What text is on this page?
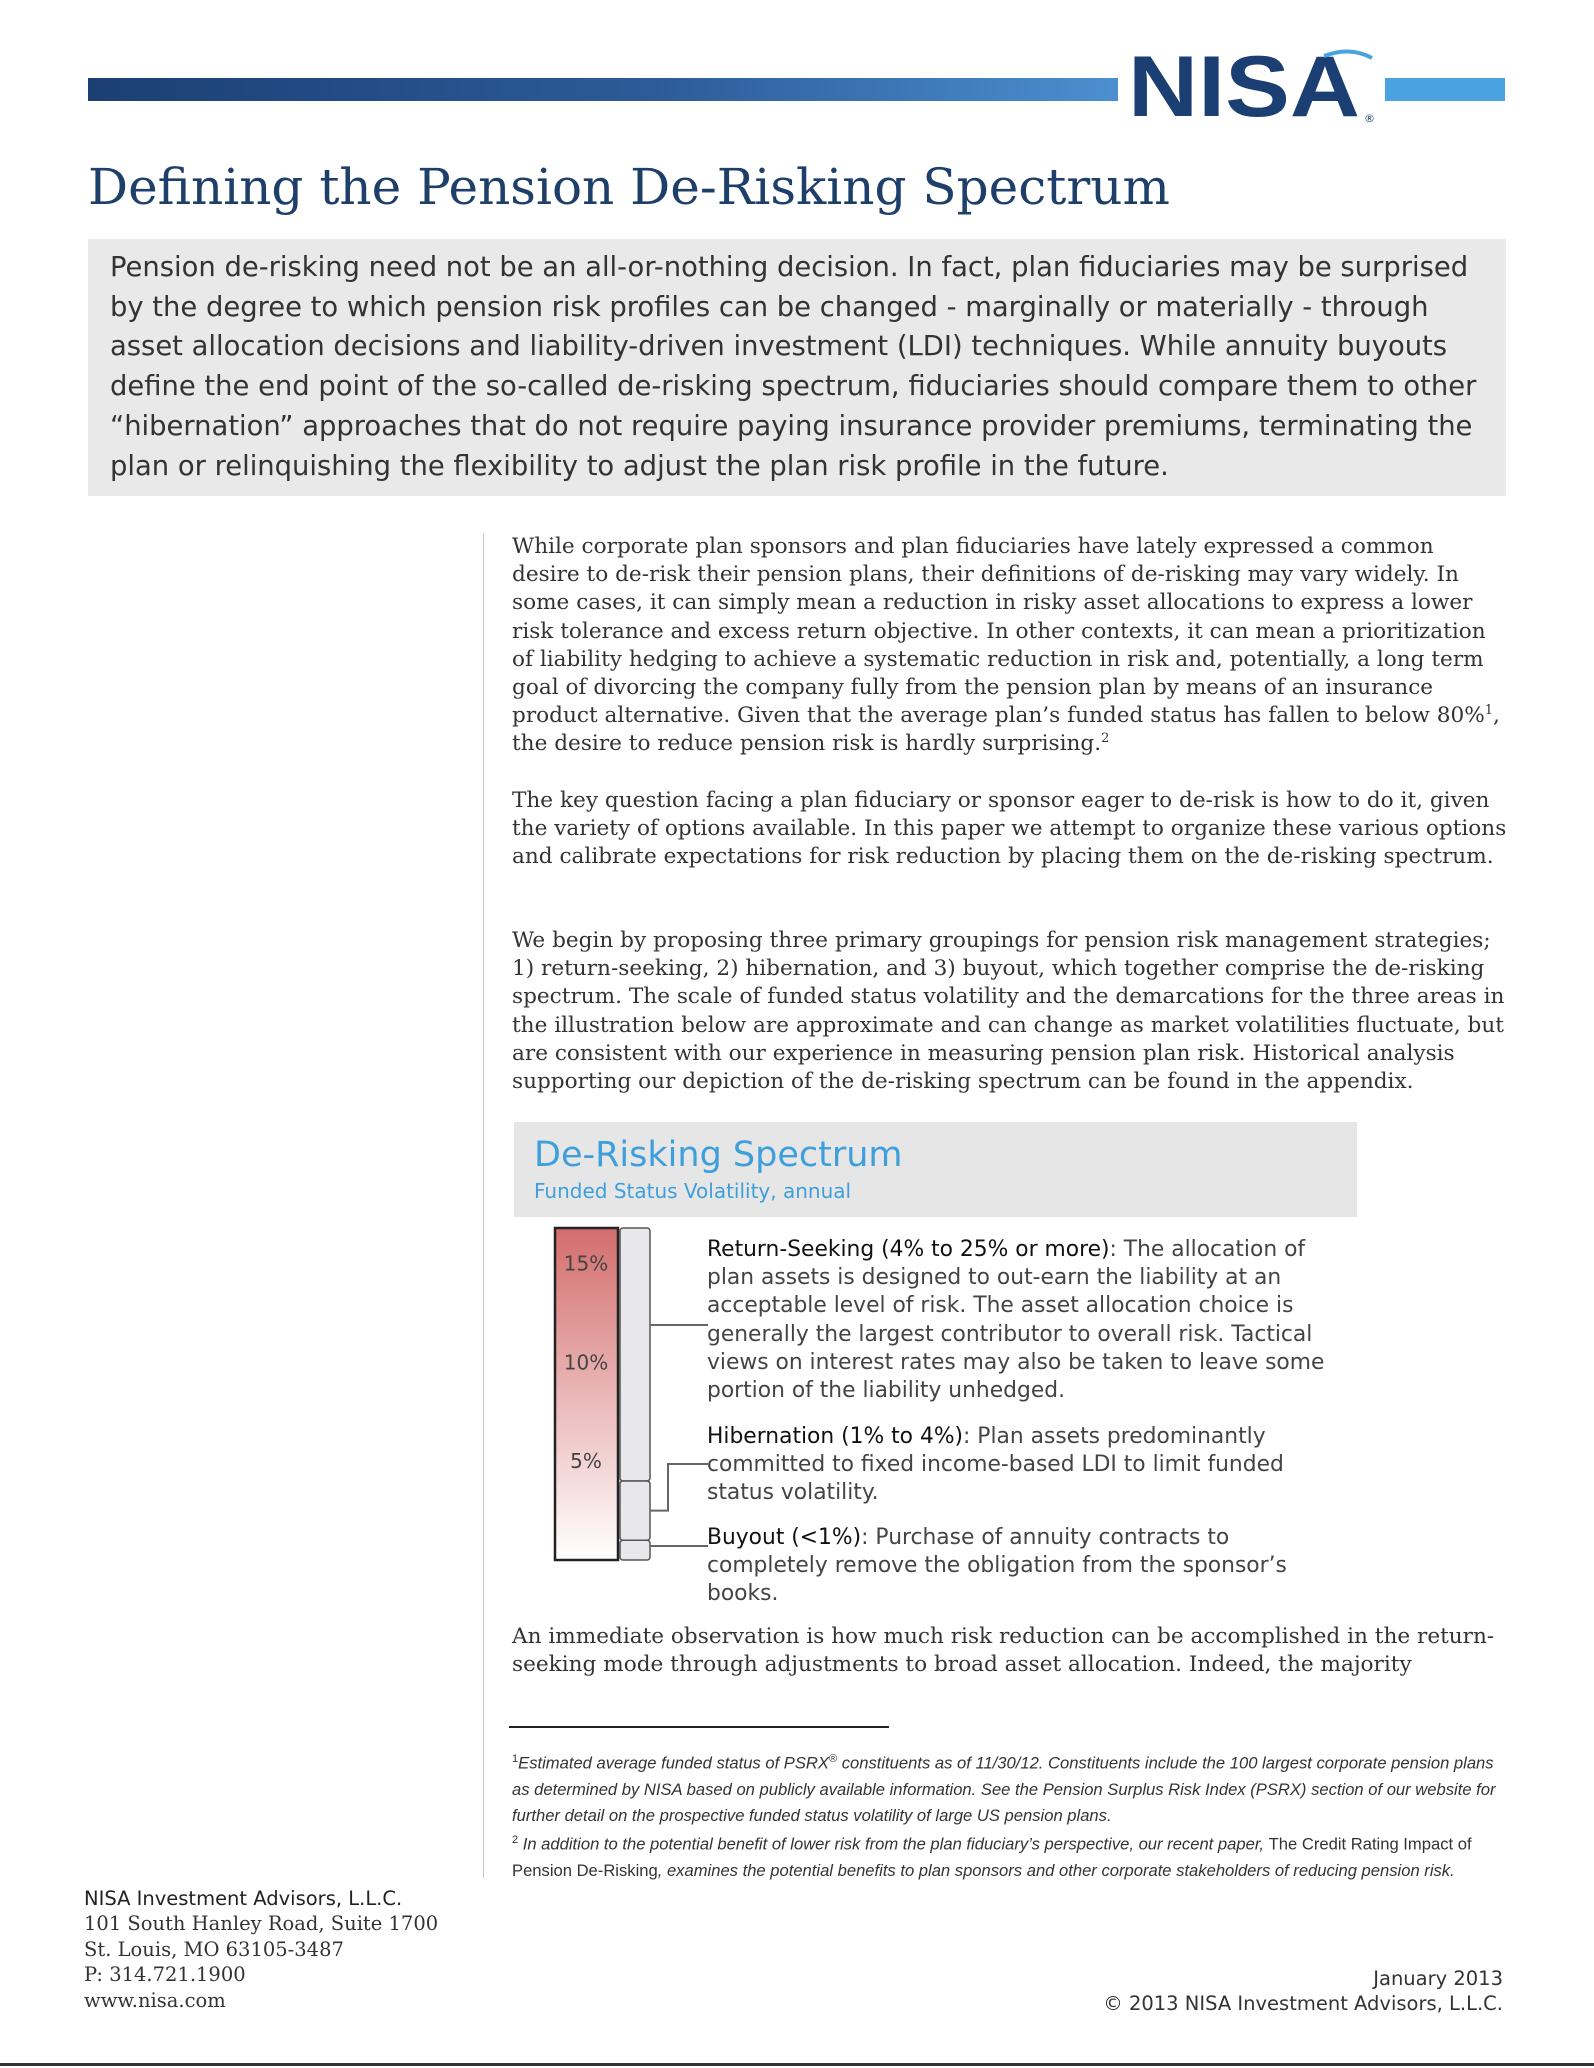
NISA ®
Defining the Pension De-Risking Spectrum
Pension de-risking need not be an all-or-nothing decision. In fact, plan fiduciaries may be surprised by the degree to which pension risk profiles can be changed - marginally or materially - through asset allocation decisions and liability-driven investment (LDI) techniques. While annuity buyouts define the end point of the so-called de-risking spectrum, fiduciaries should compare them to other “hibernation” approaches that do not require paying insurance provider premiums, terminating the plan or relinquishing the flexibility to adjust the plan risk profile in the future.
While corporate plan sponsors and plan fiduciaries have lately expressed a common desire to de-risk their pension plans, their definitions of de-risking may vary widely. In some cases, it can simply mean a reduction in risky asset allocations to express a lower risk tolerance and excess return objective. In other contexts, it can mean a prioritization of liability hedging to achieve a systematic reduction in risk and, potentially, a long term goal of divorcing the company fully from the pension plan by means of an insurance product alternative. Given that the average plan’s funded status has fallen to below 80%$^1$, the desire to reduce pension risk is hardly surprising.$^2$
The key question facing a plan fiduciary or sponsor eager to de-risk is how to do it, given the variety of options available. In this paper we attempt to organize these various options and calibrate expectations for risk reduction by placing them on the de-risking spectrum.
We begin by proposing three primary groupings for pension risk management strategies; 1) return-seeking, 2) hibernation, and 3) buyout, which together comprise the de-risking spectrum. The scale of funded status volatility and the demarcations for the three areas in the illustration below are approximate and can change as market volatilities fluctuate, but are consistent with our experience in measuring pension plan risk. Historical analysis supporting our depiction of the de-risking spectrum can be found in the appendix.
De-Risking Spectrum
Funded Status Volatility, annual
15%
10%
5%
Return-Seeking (4% to 25% or more): The allocation of plan assets is designed to out-earn the liability at an acceptable level of risk. The asset allocation choice is generally the largest contributor to overall risk. Tactical views on interest rates may also be taken to leave some portion of the liability unhedged.
Hibernation (1% to 4%): Plan assets predominantly committed to fixed income-based LDI to limit funded status volatility.
Buyout (<1%): Purchase of annuity contracts to completely remove the obligation from the sponsor’s books.
An immediate observation is how much risk reduction can be accomplished in the return-seeking mode through adjustments to broad asset allocation. Indeed, the majority
$^1$Estimated average funded status of PSRX® constituents as of 11/30/12. Constituents include the 100 largest corporate pension plans as determined by NISA based on publicly available information. See the Pension Surplus Risk Index (PSRX) section of our website for further detail on the prospective funded status volatility of large US pension plans.
$^2$ In addition to the potential benefit of lower risk from the plan fiduciary’s perspective, our recent paper, The Credit Rating Impact of Pension De-Risking, examines the potential benefits to plan sponsors and other corporate stakeholders of reducing pension risk.
NISA Investment Advisors, L.L.C.
101 South Hanley Road, Suite 1700
St. Louis, MO 63105-3487
P: 314.721.1900
www.nisa.com
January 2013
© 2013 NISA Investment Advisors, L.L.C.
